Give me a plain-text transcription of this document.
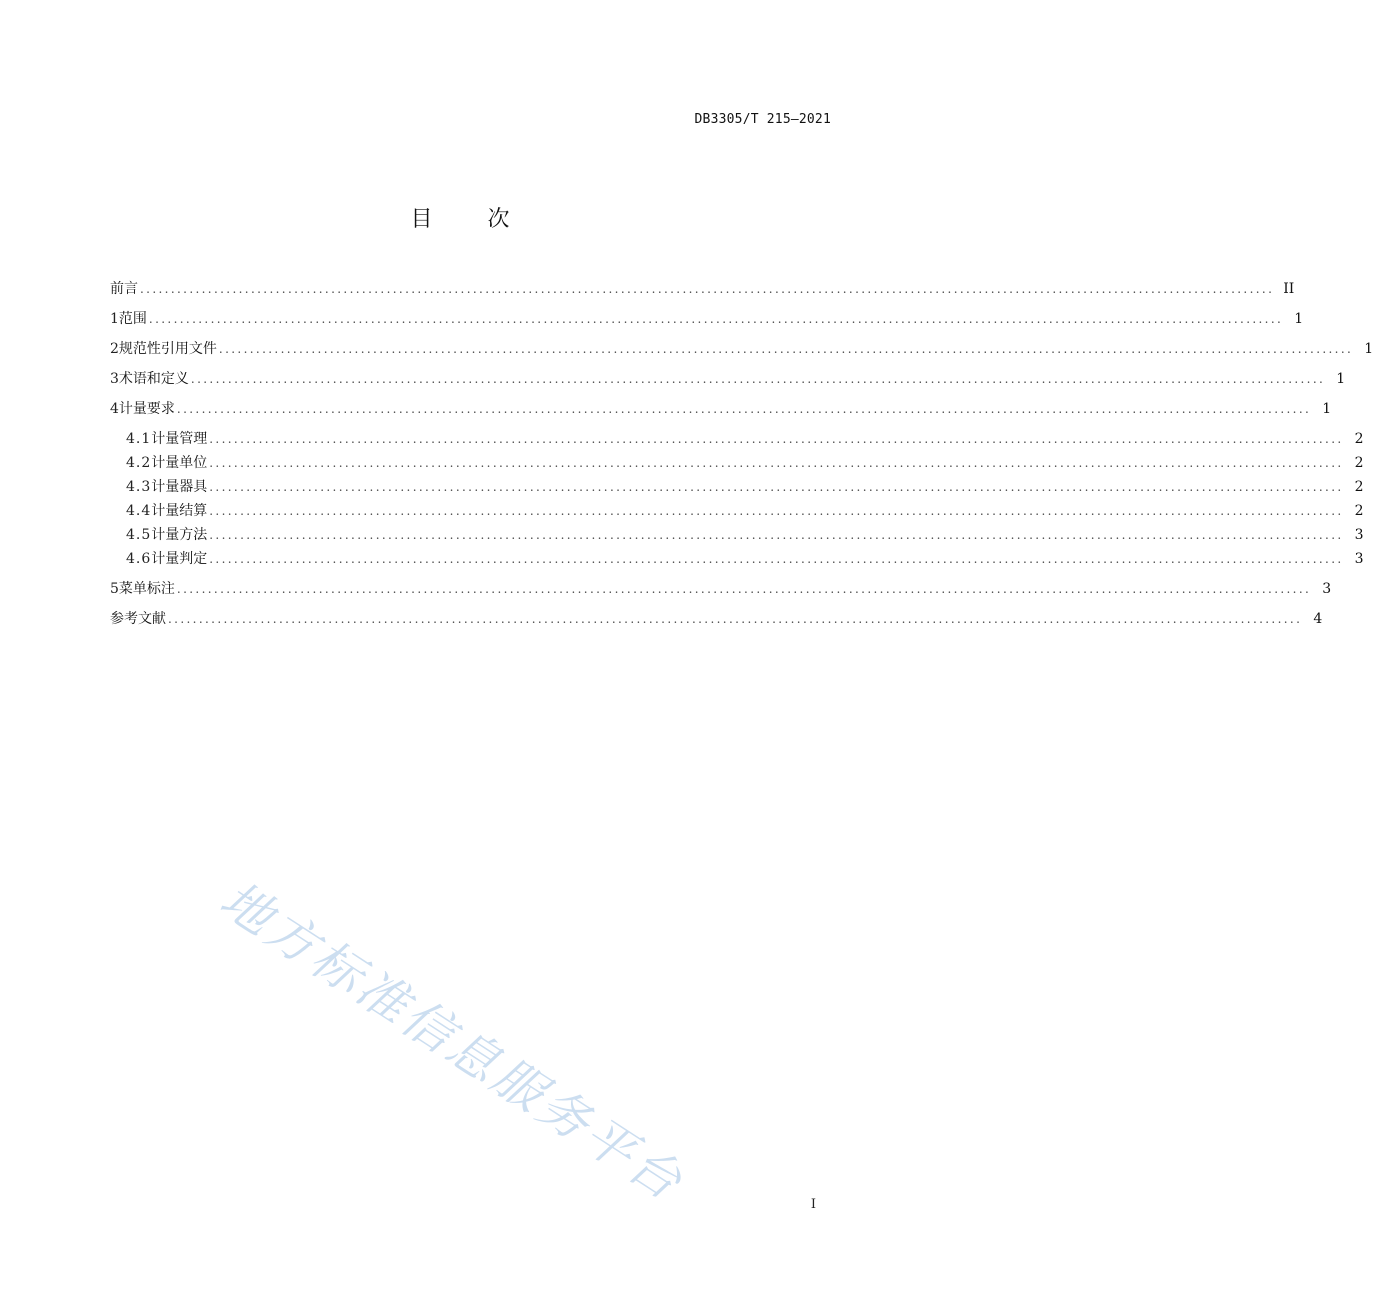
DB3305/T 215—2021
目 次
前言 ........................................................................................................................................................................................ II
1 范围 ........................................................................................................................................................................................ 1
2 规范性引用文件 ........................................................................................................................................................................................ 1
3 术语和定义 ........................................................................................................................................................................................ 1
4 计量要求 ........................................................................................................................................................................................ 1
4.1 计量管理 ........................................................................................................................................................................................ 2
4.2 计量单位 ........................................................................................................................................................................................ 2
4.3 计量器具 ........................................................................................................................................................................................ 2
4.4 计量结算 ........................................................................................................................................................................................ 2
4.5 计量方法 ........................................................................................................................................................................................ 3
4.6 计量判定 ........................................................................................................................................................................................ 3
5 菜单标注 ........................................................................................................................................................................................ 3
参考文献 ........................................................................................................................................................................................ 4
地方标准信息服务平台	I
